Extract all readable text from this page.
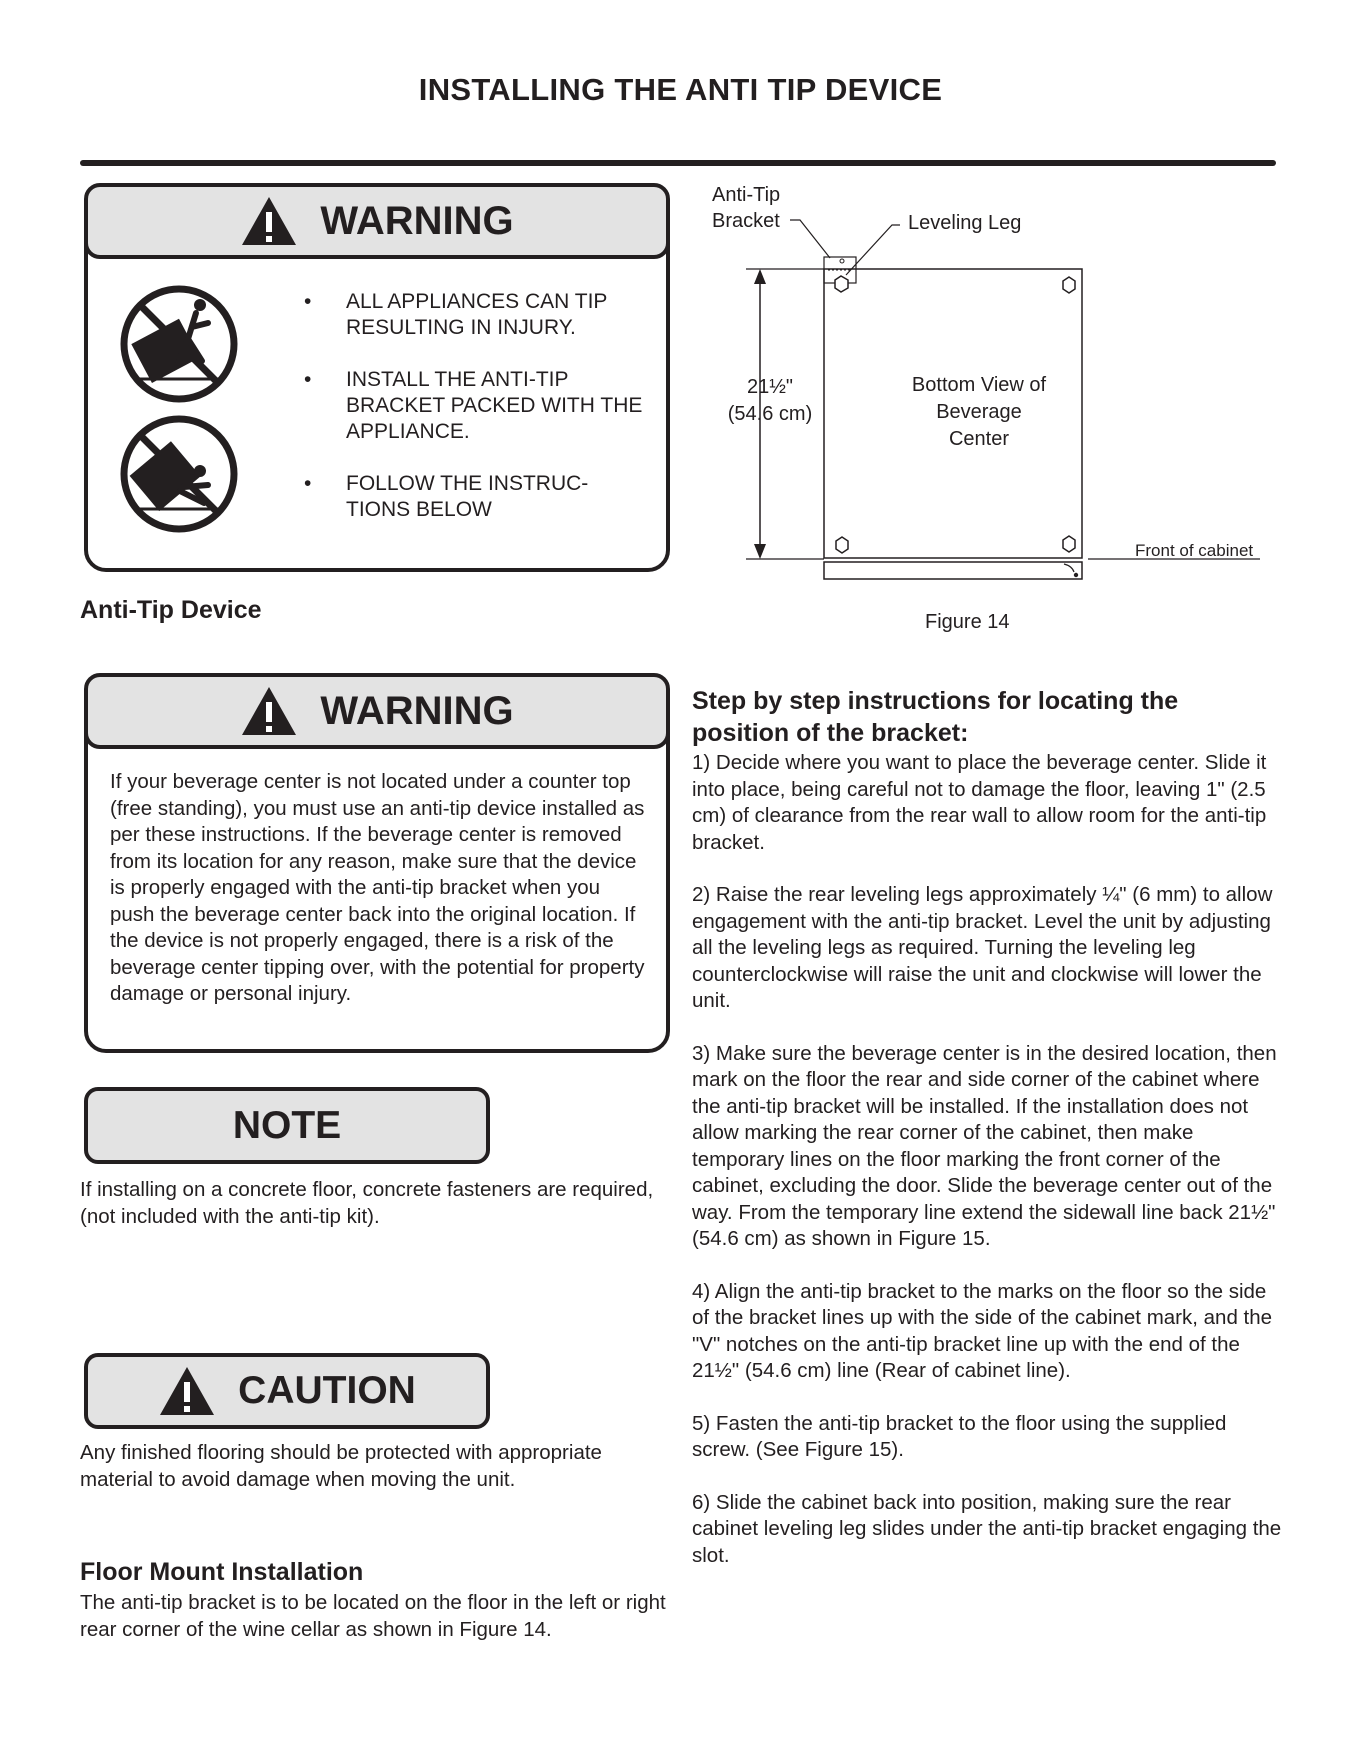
INSTALLING THE ANTI TIP DEVICE
WARNING
• ALL APPLIANCES CAN TIP RESULTING IN INJURY.
• INSTALL THE ANTI-TIP BRACKET PACKED WITH THE APPLIANCE.
• FOLLOW THE INSTRUC- TIONS BELOW
Anti-Tip
Bracket	Leveling Leg
21½"
(54.6 cm)
Bottom View of
Beverage
Center
Front of cabinet
Figure 14
Anti-Tip Device
WARNING
If your beverage center is not located under a counter top (free standing), you must use an anti-tip device installed as per these instructions. If the beverage center is removed from its location for any reason, make sure that the device is properly engaged with the anti-tip bracket when you push the beverage center back into the original location. If the device is not properly engaged, there is a risk of the beverage center tipping over, with the potential for property damage or personal injury.
NOTE
If installing on a concrete floor, concrete fasteners are required, (not included with the anti-tip kit).
CAUTION
Any finished flooring should be protected with appropriate material to avoid damage when moving the unit.
Floor Mount Installation
The anti-tip bracket is to be located on the floor in the left or right rear corner of the wine cellar as shown in Figure 14.
Step by step instructions for locating the position of the bracket:
1) Decide where you want to place the beverage center. Slide it into place, being careful not to damage the floor, leaving 1" (2.5 cm) of clearance from the rear wall to allow room for the anti-tip bracket.
2) Raise the rear leveling legs approximately ¼" (6 mm) to allow engagement with the anti-tip bracket. Level the unit by adjusting all the leveling legs as required. Turning the leveling leg counterclockwise will raise the unit and clockwise will lower the unit.
3) Make sure the beverage center is in the desired location, then mark on the floor the rear and side corner of the cabinet where the anti-tip bracket will be installed. If the installation does not allow marking the rear corner of the cabinet, then make temporary lines on the floor marking the front corner of the cabinet, excluding the door. Slide the beverage center out of the way. From the temporary line extend the sidewall line back 21½" (54.6 cm) as shown in Figure 15.
4) Align the anti-tip bracket to the marks on the floor so the side of the bracket lines up with the side of the cabinet mark, and the "V" notches on the anti-tip bracket line up with the end of the 21½" (54.6 cm) line (Rear of cabinet line).
5) Fasten the anti-tip bracket to the floor using the supplied screw. (See Figure 15).
6) Slide the cabinet back into position, making sure the rear cabinet leveling leg slides under the anti-tip bracket engaging the slot.
